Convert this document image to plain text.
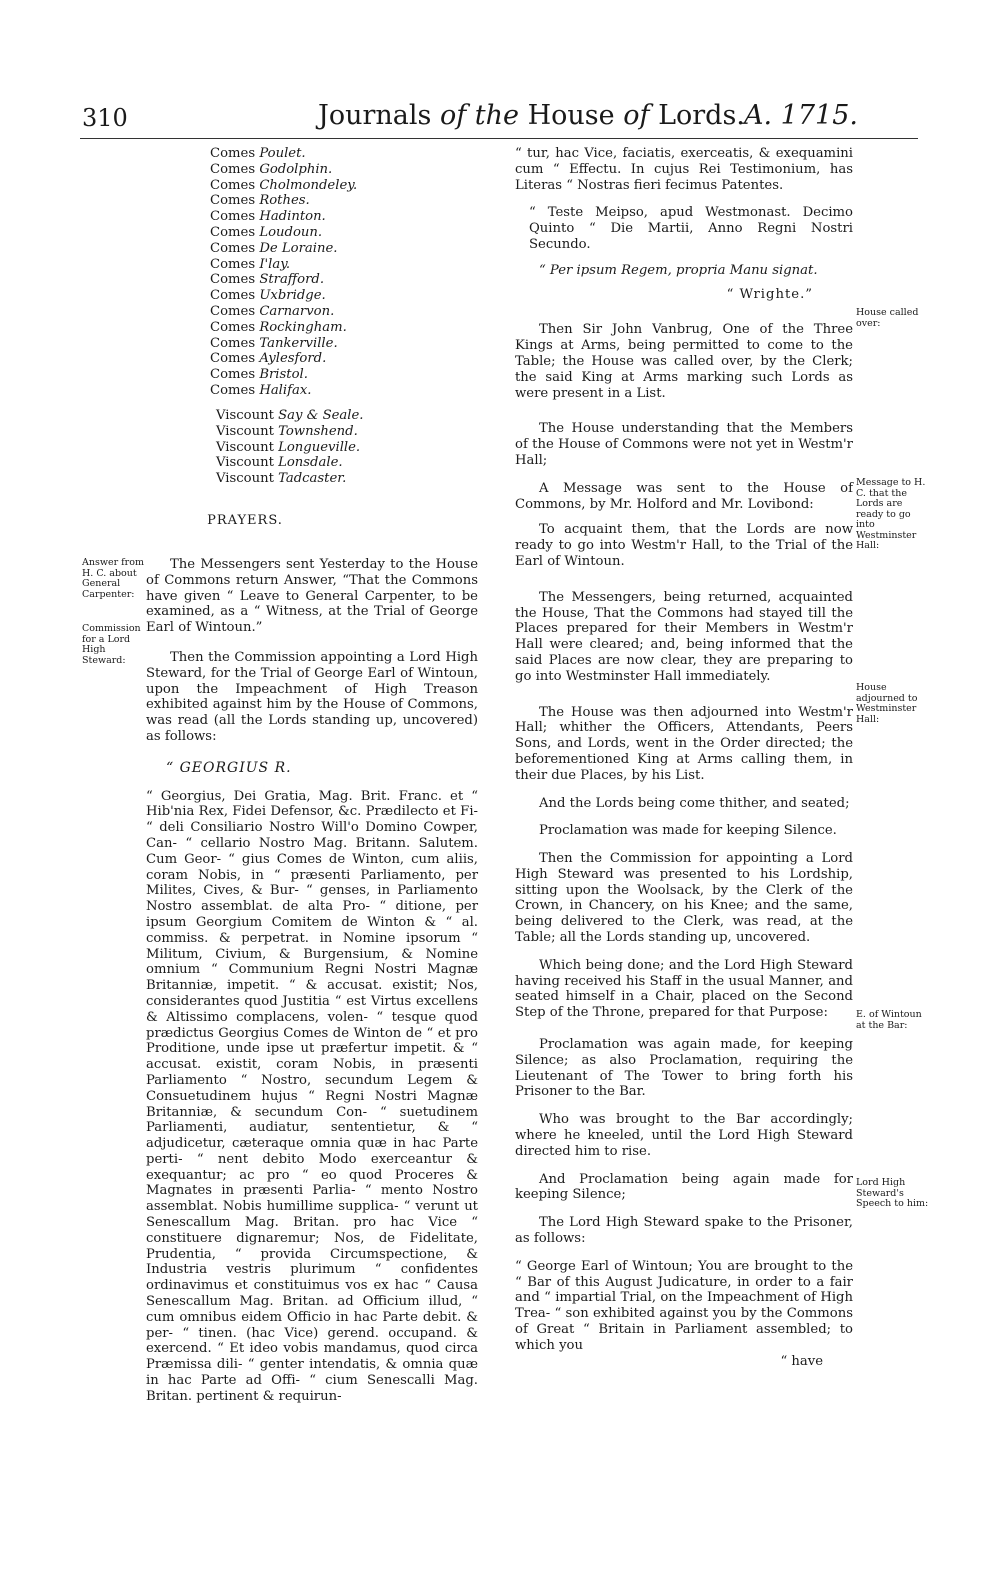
310	Journals of the House of Lords. A. 1715.
Comes Poulet.
Comes Godolphin.
Comes Cholmondeley.
Comes Rothes.
Comes Hadinton.
Comes Loudoun.
Comes De Loraine.
Comes I'lay.
Comes Strafford.
Comes Uxbridge.
Comes Carnarvon.
Comes Rockingham.
Comes Tankerville.
Comes Aylesford.
Comes Bristol.
Comes Halifax.
Viscount Say & Seale.
Viscount Townshend.
Viscount Longueville.
Viscount Lonsdale.
Viscount Tadcaster.
PRAYERS.
Answer from H. C. about General Carpenter:
Commission for a Lord High Steward:

The Messengers sent Yesterday to the House of Commons return Answer, “That the Commons have given “ Leave to General Carpenter, to be examined, as a “ Witness, at the Trial of George Earl of Wintoun.”

Then the Commission appointing a Lord High Steward, for the Trial of George Earl of Wintoun, upon the Impeachment of High Treason exhibited against him by the House of Commons, was read (all the Lords standing up, uncovered) as follows:

“ GEORGIUS R.

“ Georgius, Dei Gratia, Mag. Brit. Franc. et “ Hib'nia Rex, Fidei Defensor, &c. Prædilecto et Fi- “ deli Consiliario Nostro Will'o Domino Cowper, Can- “ cellario Nostro Mag. Britann. Salutem. Cum Geor- “ gius Comes de Winton, cum aliis, coram Nobis, in “ præsenti Parliamento, per Milites, Cives, & Bur- “ genses, in Parliamento Nostro assemblat. de alta Pro- “ ditione, per ipsum Georgium Comitem de Winton & “ al. commiss. & perpetrat. in Nomine ipsorum “ Militum, Civium, & Burgensium, & Nomine omnium “ Communium Regni Nostri Magnæ Britanniæ, impetit. “ & accusat. existit; Nos, considerantes quod Justitia “ est Virtus excellens & Altissimo complacens, volen- “ tesque quod prædictus Georgius Comes de Winton de “ et pro Proditione, unde ipse ut præfertur impetit. & “ accusat. existit, coram Nobis, in præsenti Parliamento “ Nostro, secundum Legem & Consuetudinem hujus “ Regni Nostri Magnæ Britanniæ, & secundum Con- “ suetudinem Parliamenti, audiatur, sententietur, & “ adjudicetur, cæteraque omnia quæ in hac Parte perti- “ nent debito Modo exerceantur & exequantur; ac pro “ eo quod Proceres & Magnates in præsenti Parlia- “ mento Nostro assemblat. Nobis humillime supplica- “ verunt ut Senescallum Mag. Britan. pro hac Vice “ constituere dignaremur; Nos, de Fidelitate, Prudentia, “ provida Circumspectione, & Industria vestris plurimum “ confidentes ordinavimus et constituimus vos ex hac “ Causa Senescallum Mag. Britan. ad Officium illud, “ cum omnibus eidem Officio in hac Parte debit. & per- “ tinen. (hac Vice) gerend. occupand. & exercend. “ Et ideo vobis mandamus, quod circa Præmissa dili- “ genter intendatis, & omnia quæ in hac Parte ad Offi- “ cium Senescalli Mag. Britan. pertinent & requirun-

“ tur, hac Vice, faciatis, exerceatis, & exequamini cum “ Effectu. In cujus Rei Testimonium, has Literas “ Nostras fieri fecimus Patentes.

“ Teste Meipso, apud Westmonast. Decimo Quinto “ Die Martii, Anno Regni Nostri Secundo.

“ Per ipsum Regem, propria Manu signat.

“ Wrighte.”

Then Sir John Vanbrug, One of the Three Kings at Arms, being permitted to come to the Table; the House was called over, by the Clerk; the said King at Arms marking such Lords as were present in a List.

The House understanding that the Members of the House of Commons were not yet in Westm'r Hall;

A Message was sent to the House of Commons, by Mr. Holford and Mr. Lovibond:

To acquaint them, that the Lords are now ready to go into Westm'r Hall, to the Trial of the Earl of Wintoun.

The Messengers, being returned, acquainted the House, That the Commons had stayed till the Places prepared for their Members in Westm'r Hall were cleared; and, being informed that the said Places are now clear, they are preparing to go into Westminster Hall immediately.

The House was then adjourned into Westm'r Hall; whither the Officers, Attendants, Peers Sons, and Lords, went in the Order directed; the beforementioned King at Arms calling them, in their due Places, by his List.

And the Lords being come thither, and seated;

Proclamation was made for keeping Silence.

Then the Commission for appointing a Lord High Steward was presented to his Lordship, sitting upon the Woolsack, by the Clerk of the Crown, in Chancery, on his Knee; and the same, being delivered to the Clerk, was read, at the Table; all the Lords standing up, uncovered.

Which being done; and the Lord High Steward having received his Staff in the usual Manner, and seated himself in a Chair, placed on the Second Step of the Throne, prepared for that Purpose:

Proclamation was again made, for keeping Silence; as also Proclamation, requiring the Lieutenant of The Tower to bring forth his Prisoner to the Bar.

Who was brought to the Bar accordingly; where he kneeled, until the Lord High Steward directed him to rise.

And Proclamation being again made for keeping Silence;

The Lord High Steward spake to the Prisoner, as follows:

“ George Earl of Wintoun; You are brought to the “ Bar of this August Judicature, in order to a fair and “ impartial Trial, on the Impeachment of High Trea- “ son exhibited against you by the Commons of Great “ Britain in Parliament assembled; to which you

“ have

House called over:
Message to H. C. that the Lords are ready to go into Westminster Hall:
House adjourned to Westminster Hall:
E. of Wintoun at the Bar:
Lord High Steward's Speech to him:
